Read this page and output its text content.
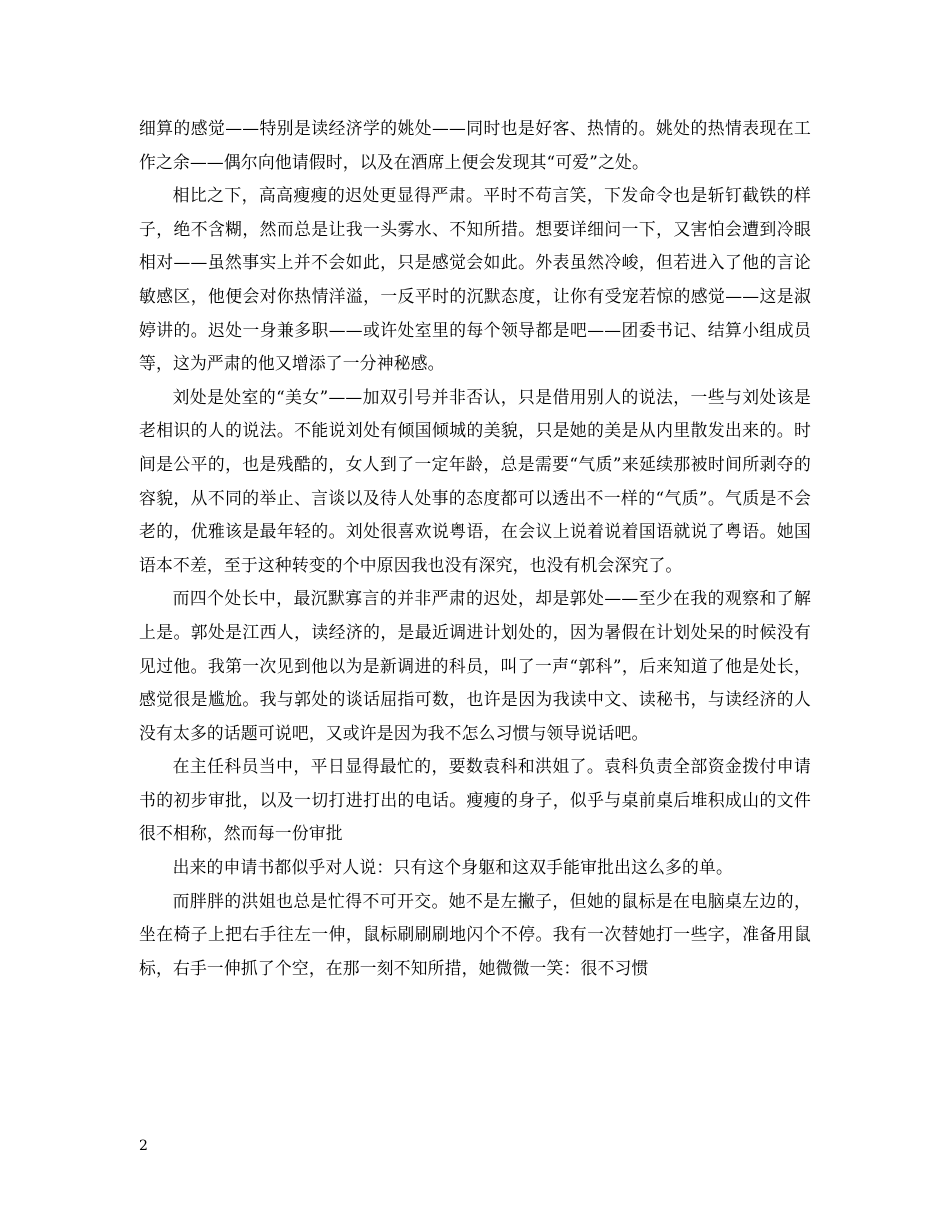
细算的感觉——特别是读经济学的姚处——同时也是好客、热情的。姚处的热情表现在工作之余——偶尔向他请假时，以及在酒席上便会发现其“可爱”之处。

相比之下，高高瘦瘦的迟处更显得严肃。平时不苟言笑，下发命令也是斩钉截铁的样子，绝不含糊，然而总是让我一头雾水、不知所措。想要详细问一下，又害怕会遭到冷眼相对——虽然事实上并不会如此，只是感觉会如此。外表虽然冷峻，但若进入了他的言论敏感区，他便会对你热情洋溢，一反平时的沉默态度，让你有受宠若惊的感觉——这是淑婷讲的。迟处一身兼多职——或许处室里的每个领导都是吧——团委书记、结算小组成员等，这为严肃的他又增添了一分神秘感。

刘处是处室的“美女”——加双引号并非否认，只是借用别人的说法，一些与刘处该是老相识的人的说法。不能说刘处有倾国倾城的美貌，只是她的美是从内里散发出来的。时间是公平的，也是残酷的，女人到了一定年龄，总是需要“气质”来延续那被时间所剥夺的容貌，从不同的举止、言谈以及待人处事的态度都可以透出不一样的“气质”。气质是不会老的，优雅该是最年轻的。刘处很喜欢说粤语，在会议上说着说着国语就说了粤语。她国语本不差，至于这种转变的个中原因我也没有深究，也没有机会深究了。

而四个处长中，最沉默寡言的并非严肃的迟处，却是郭处——至少在我的观察和了解上是。郭处是江西人，读经济的，是最近调进计划处的，因为暑假在计划处呆的时候没有见过他。我第一次见到他以为是新调进的科员，叫了一声“郭科”，后来知道了他是处长，感觉很是尴尬。我与郭处的谈话屈指可数，也许是因为我读中文、读秘书，与读经济的人没有太多的话题可说吧，又或许是因为我不怎么习惯与领导说话吧。

在主任科员当中，平日显得最忙的，要数袁科和洪姐了。袁科负责全部资金拨付申请书的初步审批，以及一切打进打出的电话。瘦瘦的身子，似乎与桌前桌后堆积成山的文件很不相称，然而每一份审批

出来的申请书都似乎对人说：只有这个身躯和这双手能审批出这么多的单。

而胖胖的洪姐也总是忙得不可开交。她不是左撇子，但她的鼠标是在电脑桌左边的，坐在椅子上把右手往左一伸，鼠标刷刷刷地闪个不停。我有一次替她打一些字，准备用鼠标，右手一伸抓了个空，在那一刻不知所措，她微微一笑：很不习惯

2
